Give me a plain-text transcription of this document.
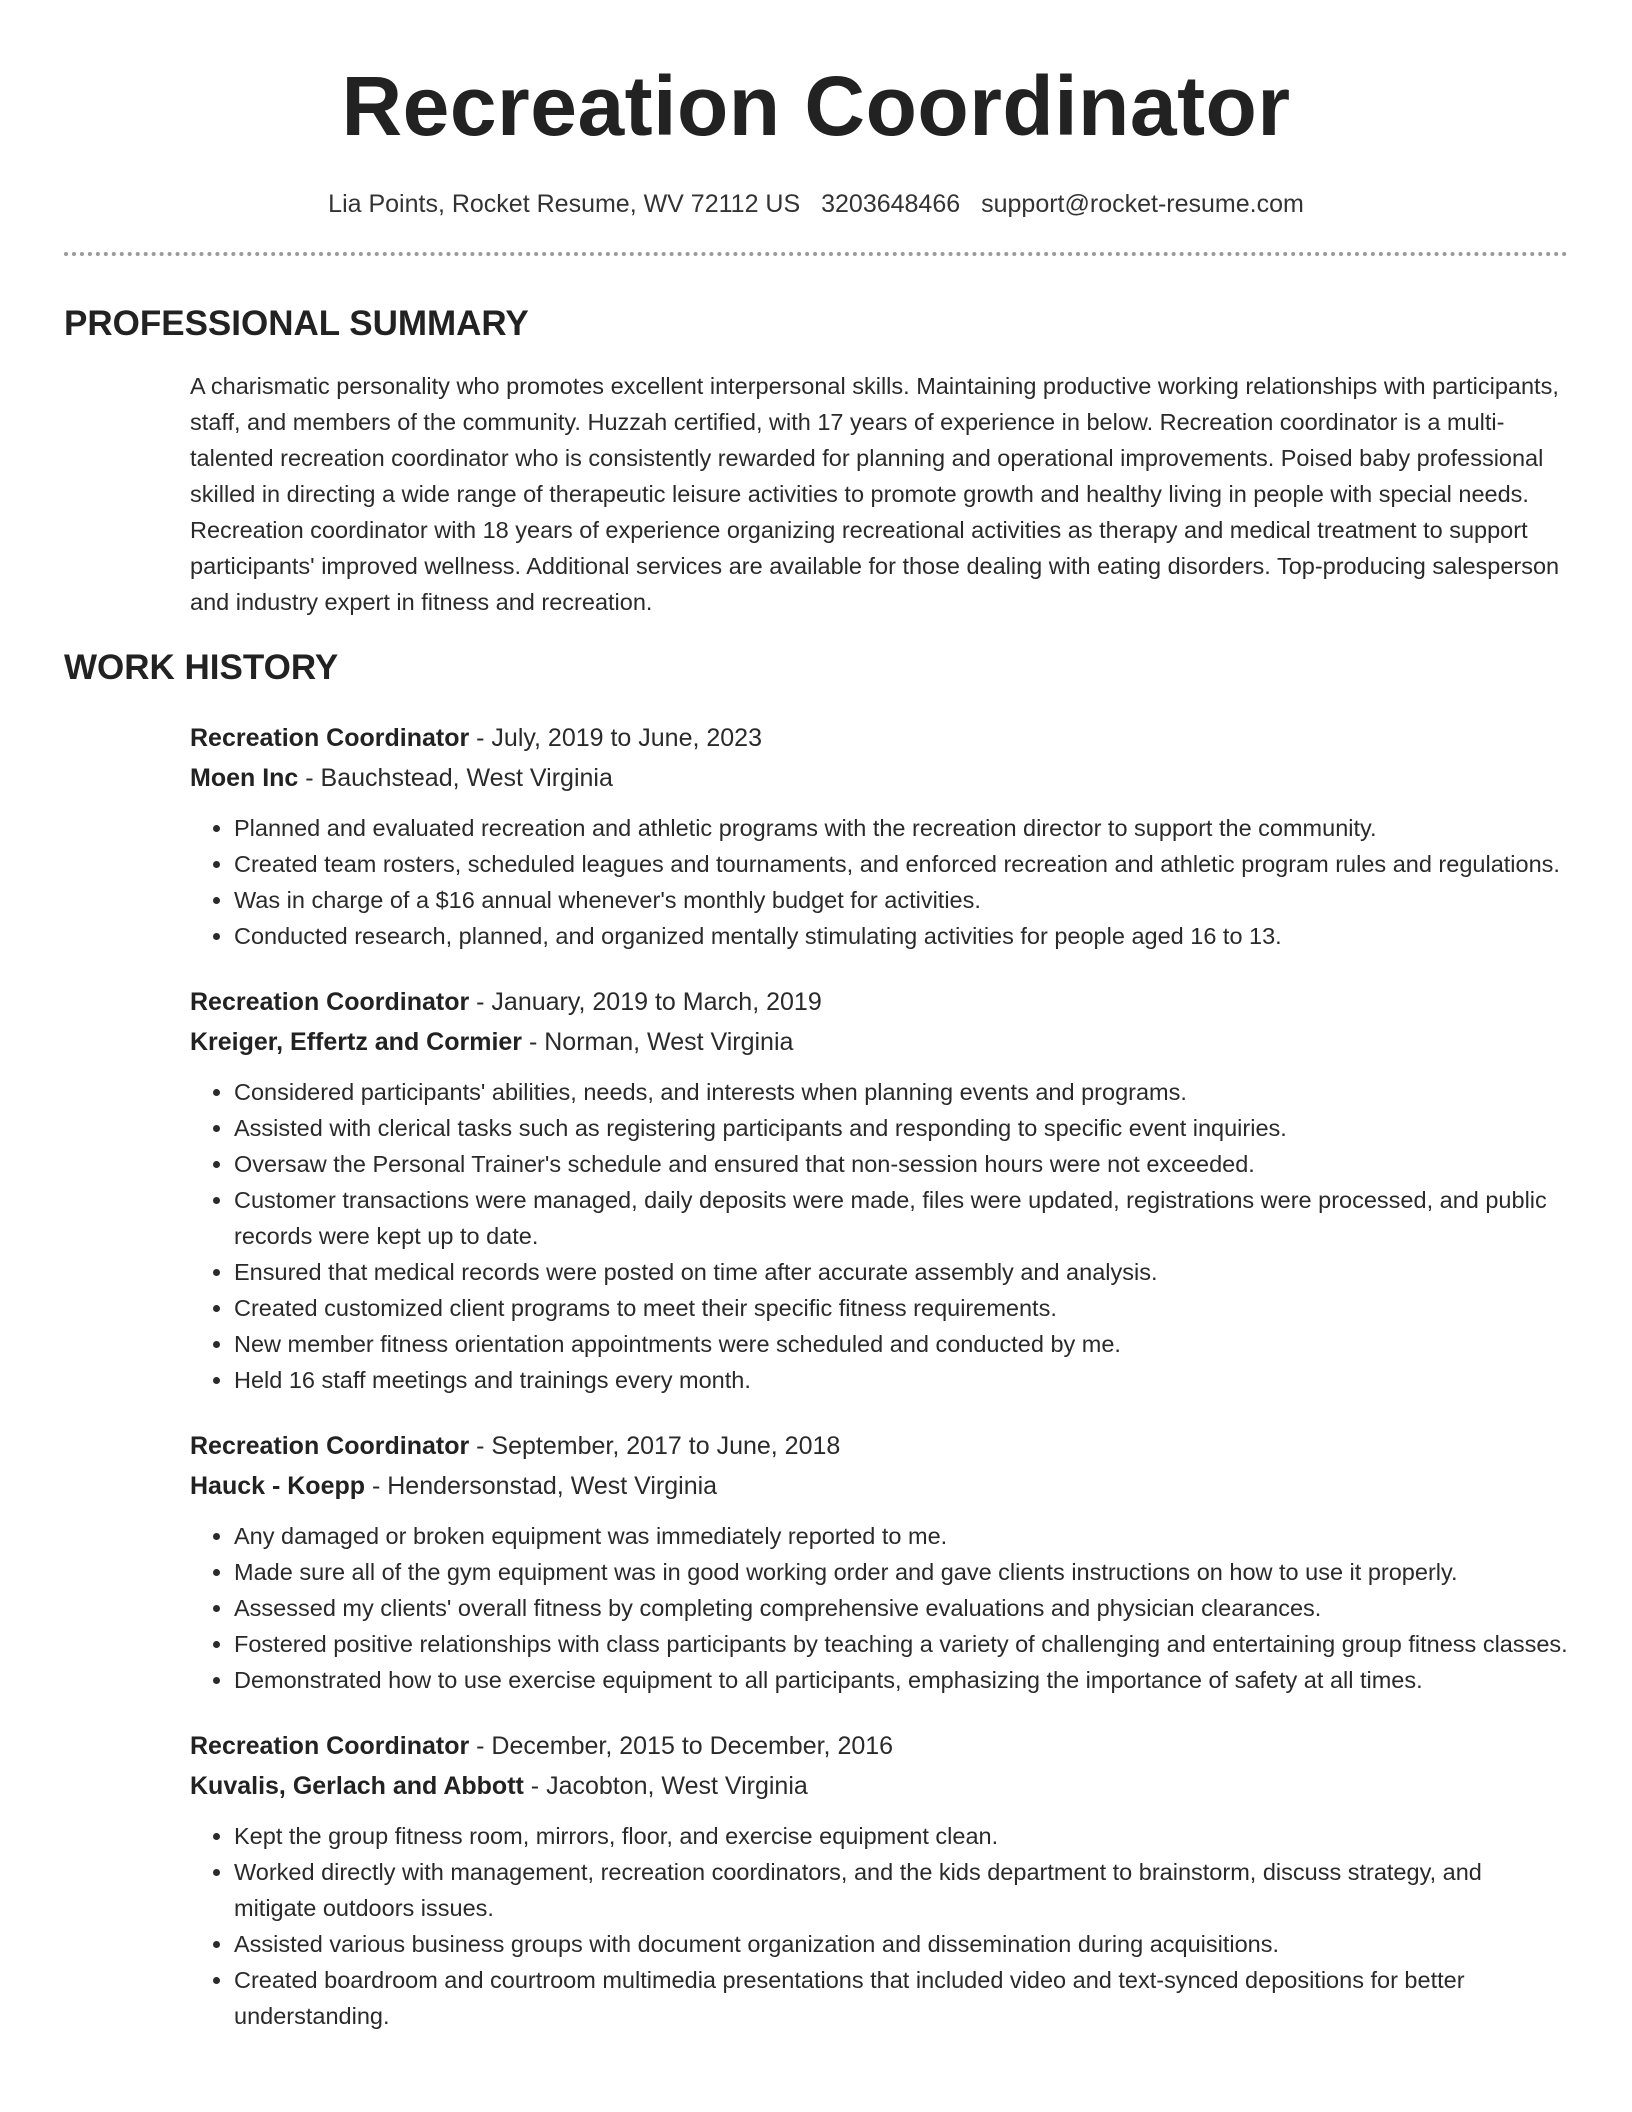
Recreation Coordinator
Lia Points, Rocket Resume, WV 72112 US 3203648466 support@rocket-resume.com
PROFESSIONAL SUMMARY

A charismatic personality who promotes excellent interpersonal skills. Maintaining productive working relationships with participants, staff, and members of the community. Huzzah certified, with 17 years of experience in below. Recreation coordinator is a multi-talented recreation coordinator who is consistently rewarded for planning and operational improvements. Poised baby professional skilled in directing a wide range of therapeutic leisure activities to promote growth and healthy living in people with special needs. Recreation coordinator with 18 years of experience organizing recreational activities as therapy and medical treatment to support participants' improved wellness. Additional services are available for those dealing with eating disorders. Top-producing salesperson and industry expert in fitness and recreation.

WORK HISTORY
Recreation Coordinator - July, 2019 to June, 2023
Moen Inc - Bauchstead, West Virginia
• Planned and evaluated recreation and athletic programs with the recreation director to support the community.
• Created team rosters, scheduled leagues and tournaments, and enforced recreation and athletic program rules and regulations.
• Was in charge of a $16 annual whenever's monthly budget for activities.
• Conducted research, planned, and organized mentally stimulating activities for people aged 16 to 13.
Recreation Coordinator - January, 2019 to March, 2019
Kreiger, Effertz and Cormier - Norman, West Virginia
• Considered participants' abilities, needs, and interests when planning events and programs.
• Assisted with clerical tasks such as registering participants and responding to specific event inquiries.
• Oversaw the Personal Trainer's schedule and ensured that non-session hours were not exceeded.
• Customer transactions were managed, daily deposits were made, files were updated, registrations were processed, and public records were kept up to date.
• Ensured that medical records were posted on time after accurate assembly and analysis.
• Created customized client programs to meet their specific fitness requirements.
• New member fitness orientation appointments were scheduled and conducted by me.
• Held 16 staff meetings and trainings every month.
Recreation Coordinator - September, 2017 to June, 2018
Hauck - Koepp - Hendersonstad, West Virginia
• Any damaged or broken equipment was immediately reported to me.
• Made sure all of the gym equipment was in good working order and gave clients instructions on how to use it properly.
• Assessed my clients' overall fitness by completing comprehensive evaluations and physician clearances.
• Fostered positive relationships with class participants by teaching a variety of challenging and entertaining group fitness classes.
• Demonstrated how to use exercise equipment to all participants, emphasizing the importance of safety at all times.
Recreation Coordinator - December, 2015 to December, 2016
Kuvalis, Gerlach and Abbott - Jacobton, West Virginia
• Kept the group fitness room, mirrors, floor, and exercise equipment clean.
• Worked directly with management, recreation coordinators, and the kids department to brainstorm, discuss strategy, and mitigate outdoors issues.
• Assisted various business groups with document organization and dissemination during acquisitions.
• Created boardroom and courtroom multimedia presentations that included video and text-synced depositions for better understanding.
